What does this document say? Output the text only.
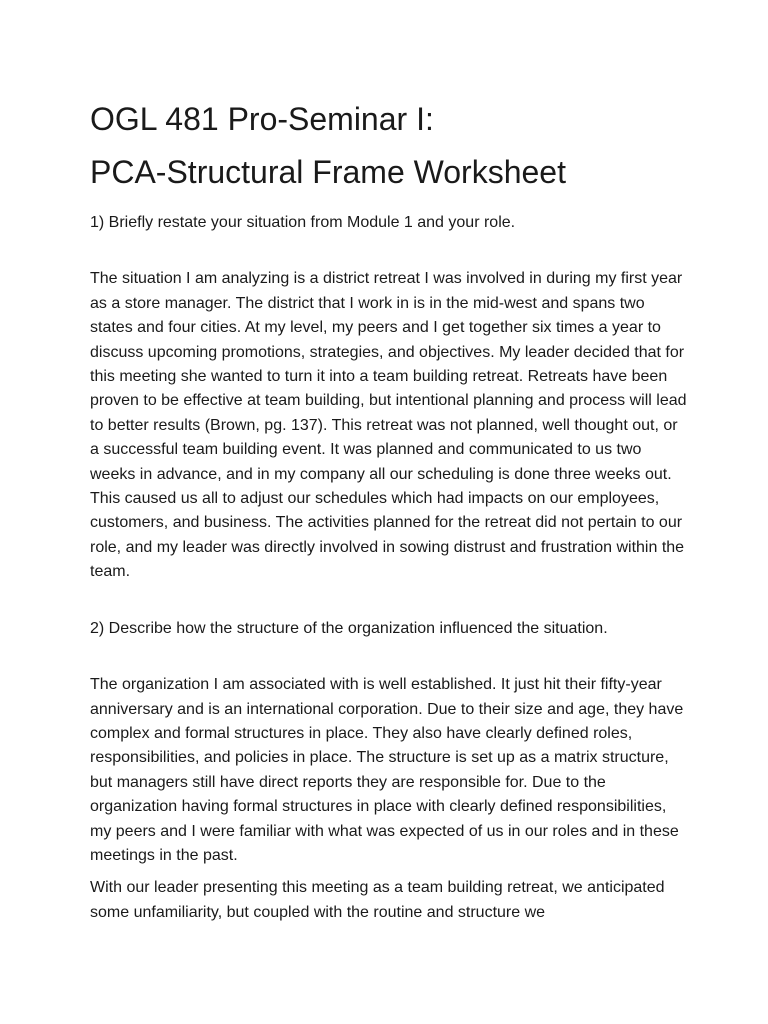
OGL 481 Pro-Seminar I:
PCA-Structural Frame Worksheet

1) Briefly restate your situation from Module 1 and your role.

The situation I am analyzing is a district retreat I was involved in during my first year as a store manager. The district that I work in is in the mid-west and spans two states and four cities. At my level, my peers and I get together six times a year to discuss upcoming promotions, strategies, and objectives. My leader decided that for this meeting she wanted to turn it into a team building retreat. Retreats have been proven to be effective at team building, but intentional planning and process will lead to better results (Brown, pg. 137). This retreat was not planned, well thought out, or a successful team building event. It was planned and communicated to us two weeks in advance, and in my company all our scheduling is done three weeks out. This caused us all to adjust our schedules which had impacts on our employees, customers, and business. The activities planned for the retreat did not pertain to our role, and my leader was directly involved in sowing distrust and frustration within the team.

2) Describe how the structure of the organization influenced the situation.

The organization I am associated with is well established. It just hit their fifty-year anniversary and is an international corporation. Due to their size and age, they have complex and formal structures in place. They also have clearly defined roles, responsibilities, and policies in place. The structure is set up as a matrix structure, but managers still have direct reports they are responsible for. Due to the organization having formal structures in place with clearly defined responsibilities, my peers and I were familiar with what was expected of us in our roles and in these meetings in the past.

With our leader presenting this meeting as a team building retreat, we anticipated some unfamiliarity, but coupled with the routine and structure we
